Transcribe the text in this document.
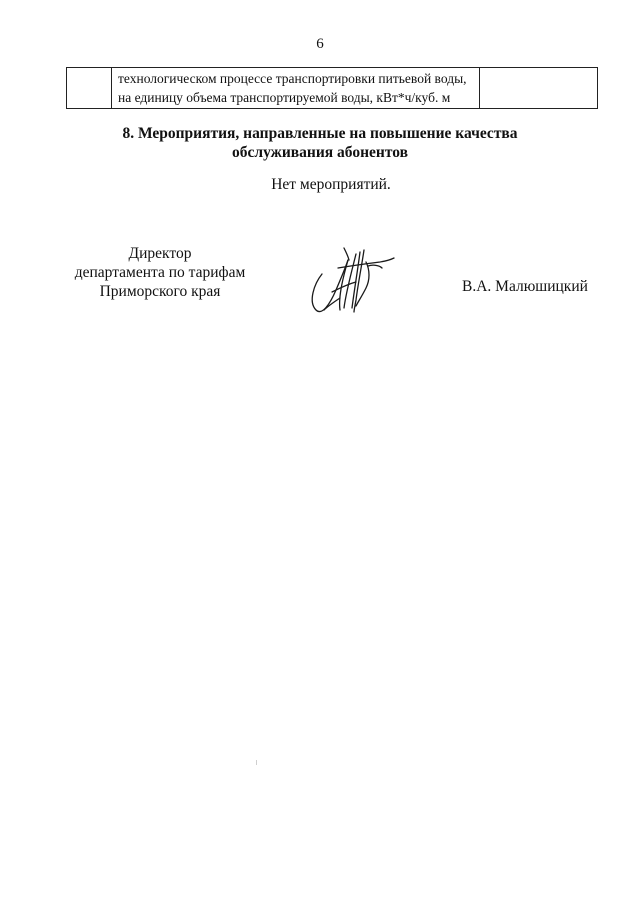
6

технологическом процессе транспортировки питьевой воды,
на единицу объема транспортируемой воды, кВт*ч/куб. м

8. Мероприятия, направленные на повышение качества
обслуживания абонентов
Нет мероприятий.
Директор
департамента по тарифам
Приморского края	В.А. Малюшицкий
